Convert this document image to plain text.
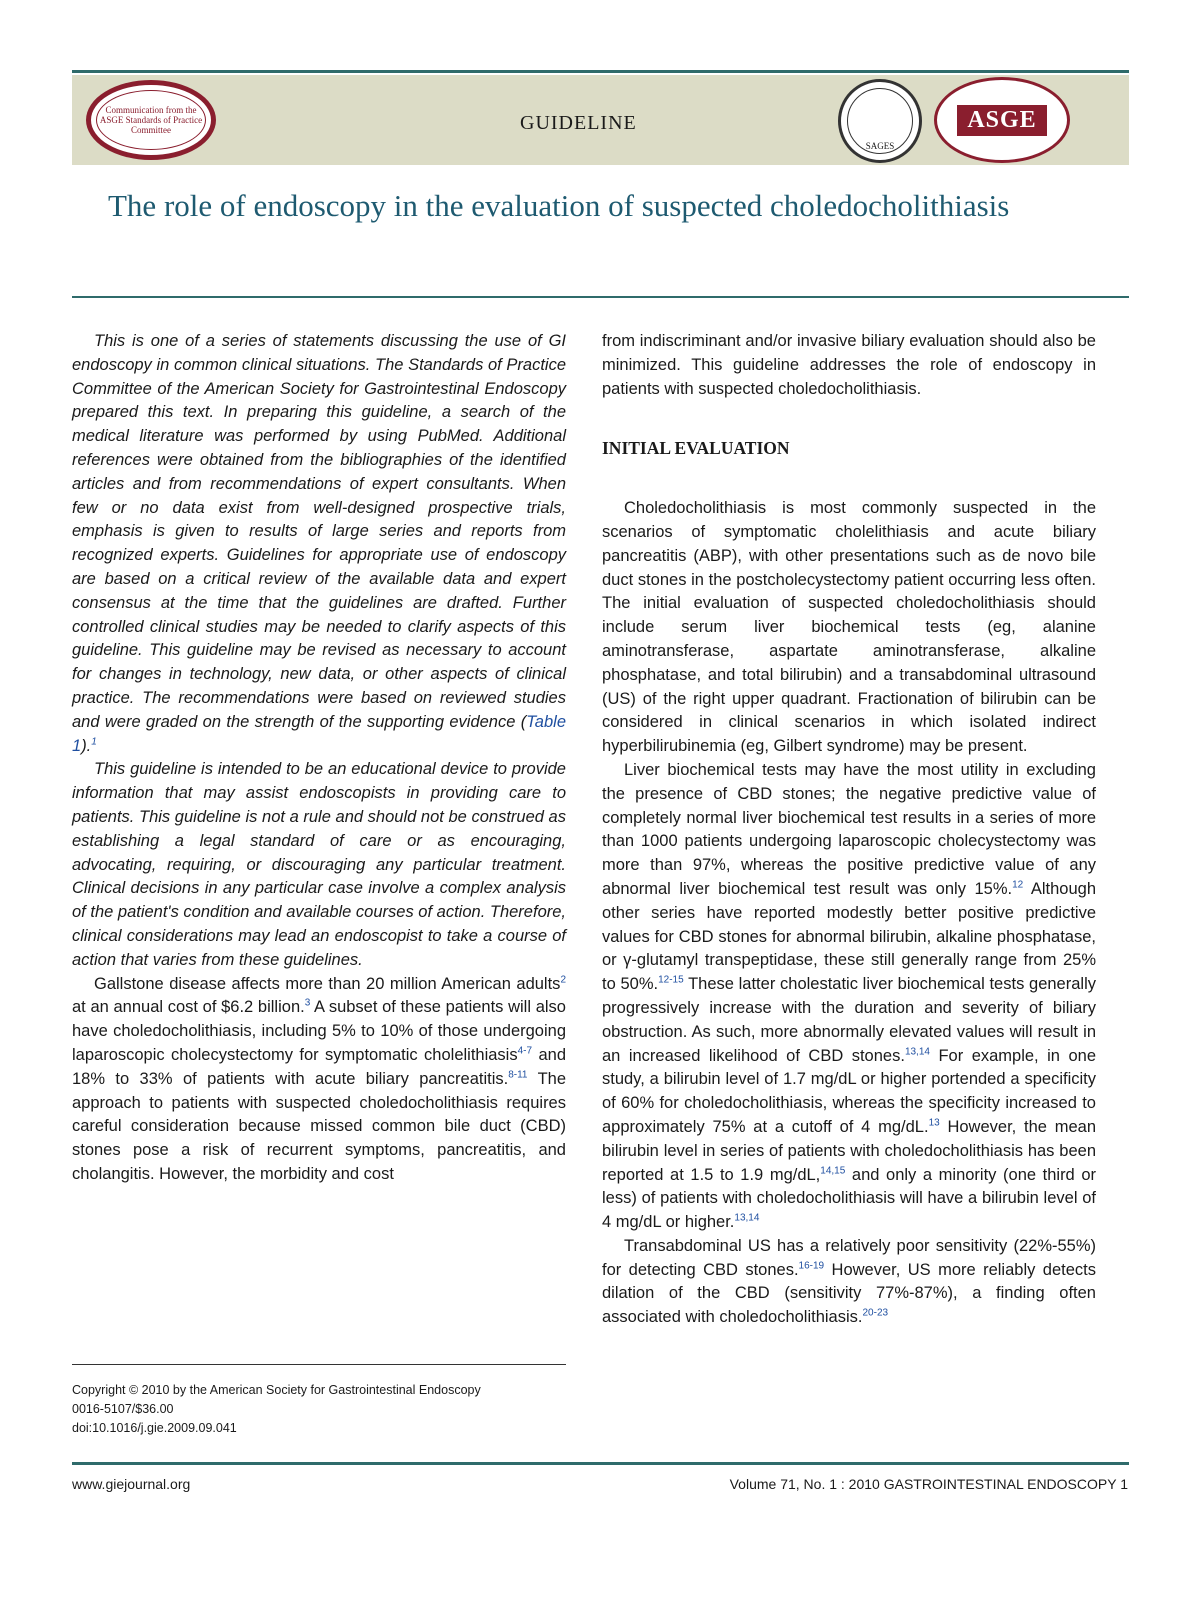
Communication from the ASGE Standards of Practice Committee	GUIDELINE
SAGES
ASGE
The role of endoscopy in the evaluation of suspected choledocholithiasis

This is one of a series of statements discussing the use of GI endoscopy in common clinical situations. The Standards of Practice Committee of the American Society for Gastrointestinal Endoscopy prepared this text. In preparing this guideline, a search of the medical literature was performed by using PubMed. Additional references were obtained from the bibliographies of the identified articles and from recommendations of expert consultants. When few or no data exist from well-designed prospective trials, emphasis is given to results of large series and reports from recognized experts. Guidelines for appropriate use of endoscopy are based on a critical review of the available data and expert consensus at the time that the guidelines are drafted. Further controlled clinical studies may be needed to clarify aspects of this guideline. This guideline may be revised as necessary to account for changes in technology, new data, or other aspects of clinical practice. The recommendations were based on reviewed studies and were graded on the strength of the supporting evidence (Table 1).$^1$

This guideline is intended to be an educational device to provide information that may assist endoscopists in providing care to patients. This guideline is not a rule and should not be construed as establishing a legal standard of care or as encouraging, advocating, requiring, or discouraging any particular treatment. Clinical decisions in any particular case involve a complex analysis of the patient's condition and available courses of action. Therefore, clinical considerations may lead an endoscopist to take a course of action that varies from these guidelines.

Gallstone disease affects more than 20 million American adults$^2$ at an annual cost of $6.2 billion.$^3$ A subset of these patients will also have choledocholithiasis, including 5% to 10% of those undergoing laparoscopic cholecystectomy for symptomatic cholelithiasis$^{4-7}$ and 18% to 33% of patients with acute biliary pancreatitis.$^{8-11}$ The approach to patients with suspected choledocholithiasis requires careful consideration because missed common bile duct (CBD) stones pose a risk of recurrent symptoms, pancreatitis, and cholangitis. However, the morbidity and cost

Copyright © 2010 by the American Society for Gastrointestinal Endoscopy
0016-5107/$36.00
doi:10.1016/j.gie.2009.09.041

from indiscriminant and/or invasive biliary evaluation should also be minimized. This guideline addresses the role of endoscopy in patients with suspected choledocholithiasis.

INITIAL EVALUATION

Choledocholithiasis is most commonly suspected in the scenarios of symptomatic cholelithiasis and acute biliary pancreatitis (ABP), with other presentations such as de novo bile duct stones in the postcholecystectomy patient occurring less often. The initial evaluation of suspected choledocholithiasis should include serum liver biochemical tests (eg, alanine aminotransferase, aspartate aminotransferase, alkaline phosphatase, and total bilirubin) and a transabdominal ultrasound (US) of the right upper quadrant. Fractionation of bilirubin can be considered in clinical scenarios in which isolated indirect hyperbilirubinemia (eg, Gilbert syndrome) may be present.

Liver biochemical tests may have the most utility in excluding the presence of CBD stones; the negative predictive value of completely normal liver biochemical test results in a series of more than 1000 patients undergoing laparoscopic cholecystectomy was more than 97%, whereas the positive predictive value of any abnormal liver biochemical test result was only 15%.$^{12}$ Although other series have reported modestly better positive predictive values for CBD stones for abnormal bilirubin, alkaline phosphatase, or γ-glutamyl transpeptidase, these still generally range from 25% to 50%.$^{12-15}$ These latter cholestatic liver biochemical tests generally progressively increase with the duration and severity of biliary obstruction. As such, more abnormally elevated values will result in an increased likelihood of CBD stones.$^{13,14}$ For example, in one study, a bilirubin level of 1.7 mg/dL or higher portended a specificity of 60% for choledocholithiasis, whereas the specificity increased to approximately 75% at a cutoff of 4 mg/dL.$^{13}$ However, the mean bilirubin level in series of patients with choledocholithiasis has been reported at 1.5 to 1.9 mg/dL,$^{14,15}$ and only a minority (one third or less) of patients with choledocholithiasis will have a bilirubin level of 4 mg/dL or higher.$^{13,14}$

Transabdominal US has a relatively poor sensitivity (22%-55%) for detecting CBD stones.$^{16-19}$ However, US more reliably detects dilation of the CBD (sensitivity 77%-87%), a finding often associated with choledocholithiasis.$^{20-23}$

www.giejournal.org	Volume 71, No. 1 : 2010 GASTROINTESTINAL ENDOSCOPY 1
